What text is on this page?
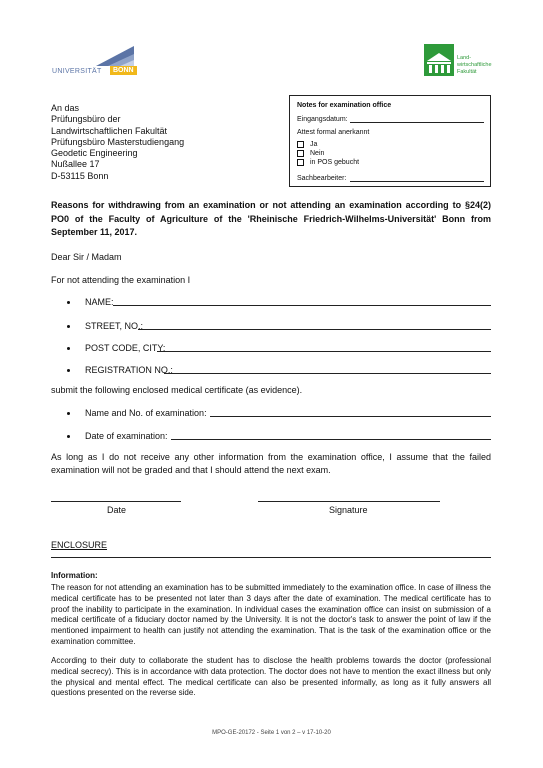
UNIVERSITÄT	BONN
Land-
wirtschaftliche
Fakultät
An das
Prüfungsbüro der
Landwirtschaftlichen Fakultät
Prüfungsbüro Masterstudiengang
Geodetic Engineering
Nußallee 17
D-53115 Bonn
Notes for examination office
Eingangsdatum:
Attest formal anerkannt
Ja
Nein
in POS gebucht
Sachbearbeiter:
Reasons for withdrawing from an examination or not attending an examination according to §24(2) PO0 of the Faculty of Agriculture of the 'Rheinische Friedrich-Wilhelms-Universität' Bonn from September 11, 2017.
Dear Sir / Madam
For not attending the examination I
NAME:
STREET, NO.:
POST CODE, CITY:
REGISTRATION NO.:
submit the following enclosed medical certificate (as evidence).
Name and No. of examination:
Date of examination:
As long as I do not receive any other information from the examination office, I assume that the failed examination will not be graded and that I should attend the next exam.
Date	Signature
ENCLOSURE
Information:
The reason for not attending an examination has to be submitted immediately to the examination office. In case of illness the medical certificate has to be presented not later than 3 days after the date of examination. The medical certificate has to proof the inability to participate in the examination. In individual cases the examination office can insist on submission of a medical certificate of a fiduciary doctor named by the University. It is not the doctor's task to answer the point of law if the mentioned impairment to health can justify not attending the examination. That is the task of the examination office or the examination committee.
According to their duty to collaborate the student has to disclose the health problems towards the doctor (professional medical secrecy). This is in accordance with data protection. The doctor does not have to mention the exact illness but only the physical and mental effect. The medical certificate can also be presented informally, as long as it fully answers all questions presented on the reverse side.
MPO-GE-20172 - Seite 1 von 2 – v 17-10-20
